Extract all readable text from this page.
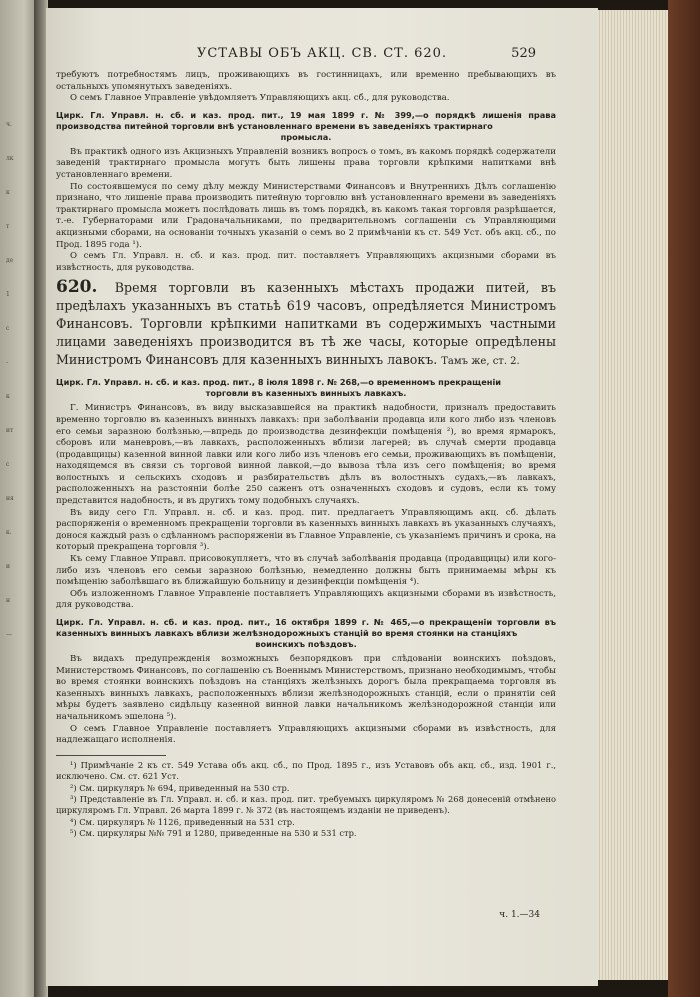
ч.
лк
к
т
де
1
с
-
к
ит
с
ня
к.
и
н
—
УСТАВЫ ОБЪ АКЦ. СВ. СТ. 620.	529

требуютъ потребностямъ лицъ, проживающихъ въ гостинницахъ, или временно пребывающихъ въ остальныхъ упомянутыхъ заведеніяхъ.

О семъ Главное Управленіе увѣдомляетъ Управляющихъ акц. сб., для руководства.

Цирк. Гл. Управл. н. сб. и каз. прод. пит., 19 мая 1899 г. № 399,—о порядкѣ лишенія права производства питейной торговли внѣ установленнаго времени въ заведеніяхъ трактирнаго
промысла.

Въ практикѣ одного изъ Акцизныхъ Управленій возникъ вопросъ о томъ, въ какомъ порядкѣ содержатели заведеній трактирнаго промысла могутъ быть лишены права торговли крѣпкими напитками внѣ установленнаго времени.

По состоявшемуся по сему дѣлу между Министерствами Финансовъ и Внутреннихъ Дѣлъ соглашенію признано, что лишеніе права производить питейную торговлю внѣ установленнаго времени въ заведеніяхъ трактирнаго промысла можетъ послѣдовать лишь въ томъ порядкѣ, въ какомъ такая торговля разрѣшается, т.-е. Губернаторами или Градоначальниками, по предварительномъ соглашеніи съ Управляющими акцизными сборами, на основаніи точныхъ указаній о семъ во 2 примѣчаніи къ ст. 549 Уст. объ акц. сб., по Прод. 1895 года ¹).

О семъ Гл. Управл. н. сб. и каз. прод. пит. поставляетъ Управляющихъ акцизными сборами въ извѣстность, для руководства.

620. Время торговли въ казенныхъ мѣстахъ продажи питей, въ предѣлахъ указанныхъ въ статьѣ 619 часовъ, опредѣляется Министромъ Финансовъ. Торговли крѣпкими напитками въ содержимыхъ частными лицами заведеніяхъ производится въ тѣ же часы, которые опредѣлены Министромъ Финансовъ для казенныхъ винныхъ лавокъ. Тамъ же, ст. 2.

Цирк. Гл. Управл. н. сб. и каз. прод. пит., 8 іюля 1898 г. № 268,—о временномъ прекращеніи
торговли въ казенныхъ винныхъ лавкахъ.

Г. Министръ Финансовъ, въ виду высказавшейся на практикѣ надобности, призналъ предоставить временно торговлю въ казенныхъ винныхъ лавкахъ: при заболѣваніи продавца или кого либо изъ членовъ его семьи заразною болѣзнью,—впредь до производства дезинфекціи помѣщенія ²), во время ярмарокъ, сборовъ или маневровъ,—въ лавкахъ, расположенныхъ вблизи лагерей; въ случаѣ смерти продавца (продавщицы) казенной винной лавки или кого либо изъ членовъ его семьи, проживающихъ въ помѣщеніи, находящемся въ связи съ торговой винной лавкой,—до вывоза тѣла изъ сего помѣщенія; во время волостныхъ и сельскихъ сходовъ и разбирательствъ дѣлъ въ волостныхъ судахъ,—въ лавкахъ, расположенныхъ на разстояніи болѣе 250 саженъ отъ означенныхъ сходовъ и судовъ, если къ тому представится надобность, и въ другихъ тому подобныхъ случаяхъ.

Въ виду сего Гл. Управл. н. сб. и каз. прод. пит. предлагаетъ Управляющимъ акц. сб. дѣлать распоряженія о временномъ прекращеніи торговли въ казенныхъ винныхъ лавкахъ въ указанныхъ случаяхъ, донося каждый разъ о сдѣланномъ распоряженіи въ Главное Управленіе, съ указаніемъ причинъ и срока, на который прекращена торговля ³).

Къ сему Главное Управл. присовокупляетъ, что въ случаѣ заболѣванія продавца (продавщицы) или кого-либо изъ членовъ его семьи заразною болѣзнью, немедленно должны быть принимаемы мѣры къ помѣщенію заболѣвшаго въ ближайшую больницу и дезинфекціи помѣщенія ⁴).

Объ изложенномъ Главное Управленіе поставляетъ Управляющихъ акцизными сборами въ извѣстность, для руководства.

Цирк. Гл. Управл. н. сб. и каз. прод. пит., 16 октября 1899 г. № 465,—о прекращеніи торговли въ казенныхъ винныхъ лавкахъ вблизи желѣзнодорожныхъ станцій во время стоянки на станціяхъ
воинскихъ поѣздовъ.

Въ видахъ предупрежденія возможныхъ безпорядковъ при слѣдованіи воинскихъ поѣздовъ, Министерствомъ Финансовъ, по соглашенію съ Военнымъ Министерствомъ, признано необходимымъ, чтобы во время стоянки воинскихъ поѣздовъ на станціяхъ желѣзныхъ дорогъ была прекращаема торговля въ казенныхъ винныхъ лавкахъ, расположенныхъ вблизи желѣзнодорожныхъ станцій, если о принятіи сей мѣры будетъ заявлено сидѣльцу казенной винной лавки начальникомъ желѣзнодорожной станціи или начальникомъ эшелона ⁵).

О семъ Главное Управленіе поставляетъ Управляющихъ акцизными сборами въ извѣстность, для надлежащаго исполненія.

¹) Примѣчаніе 2 къ ст. 549 Устава объ акц. сб., по Прод. 1895 г., изъ Уставовъ объ акц. сб., изд. 1901 г., исключено. См. ст. 621 Уст.

²) См. циркуляръ № 694, приведенный на 530 стр.

³) Представленіе въ Гл. Управл. н. сб. и каз. прод. пит. требуемыхъ циркуляромъ № 268 донесеній отмѣнено циркуляромъ Гл. Управл. 26 марта 1899 г. № 372 (въ настоящемъ изданіи не приведенъ).

⁴) См. циркуляръ № 1126, приведенный на 531 стр.

⁵) См. циркуляры №№ 791 и 1280, приведенные на 530 и 531 стр.

ч. 1.—34
